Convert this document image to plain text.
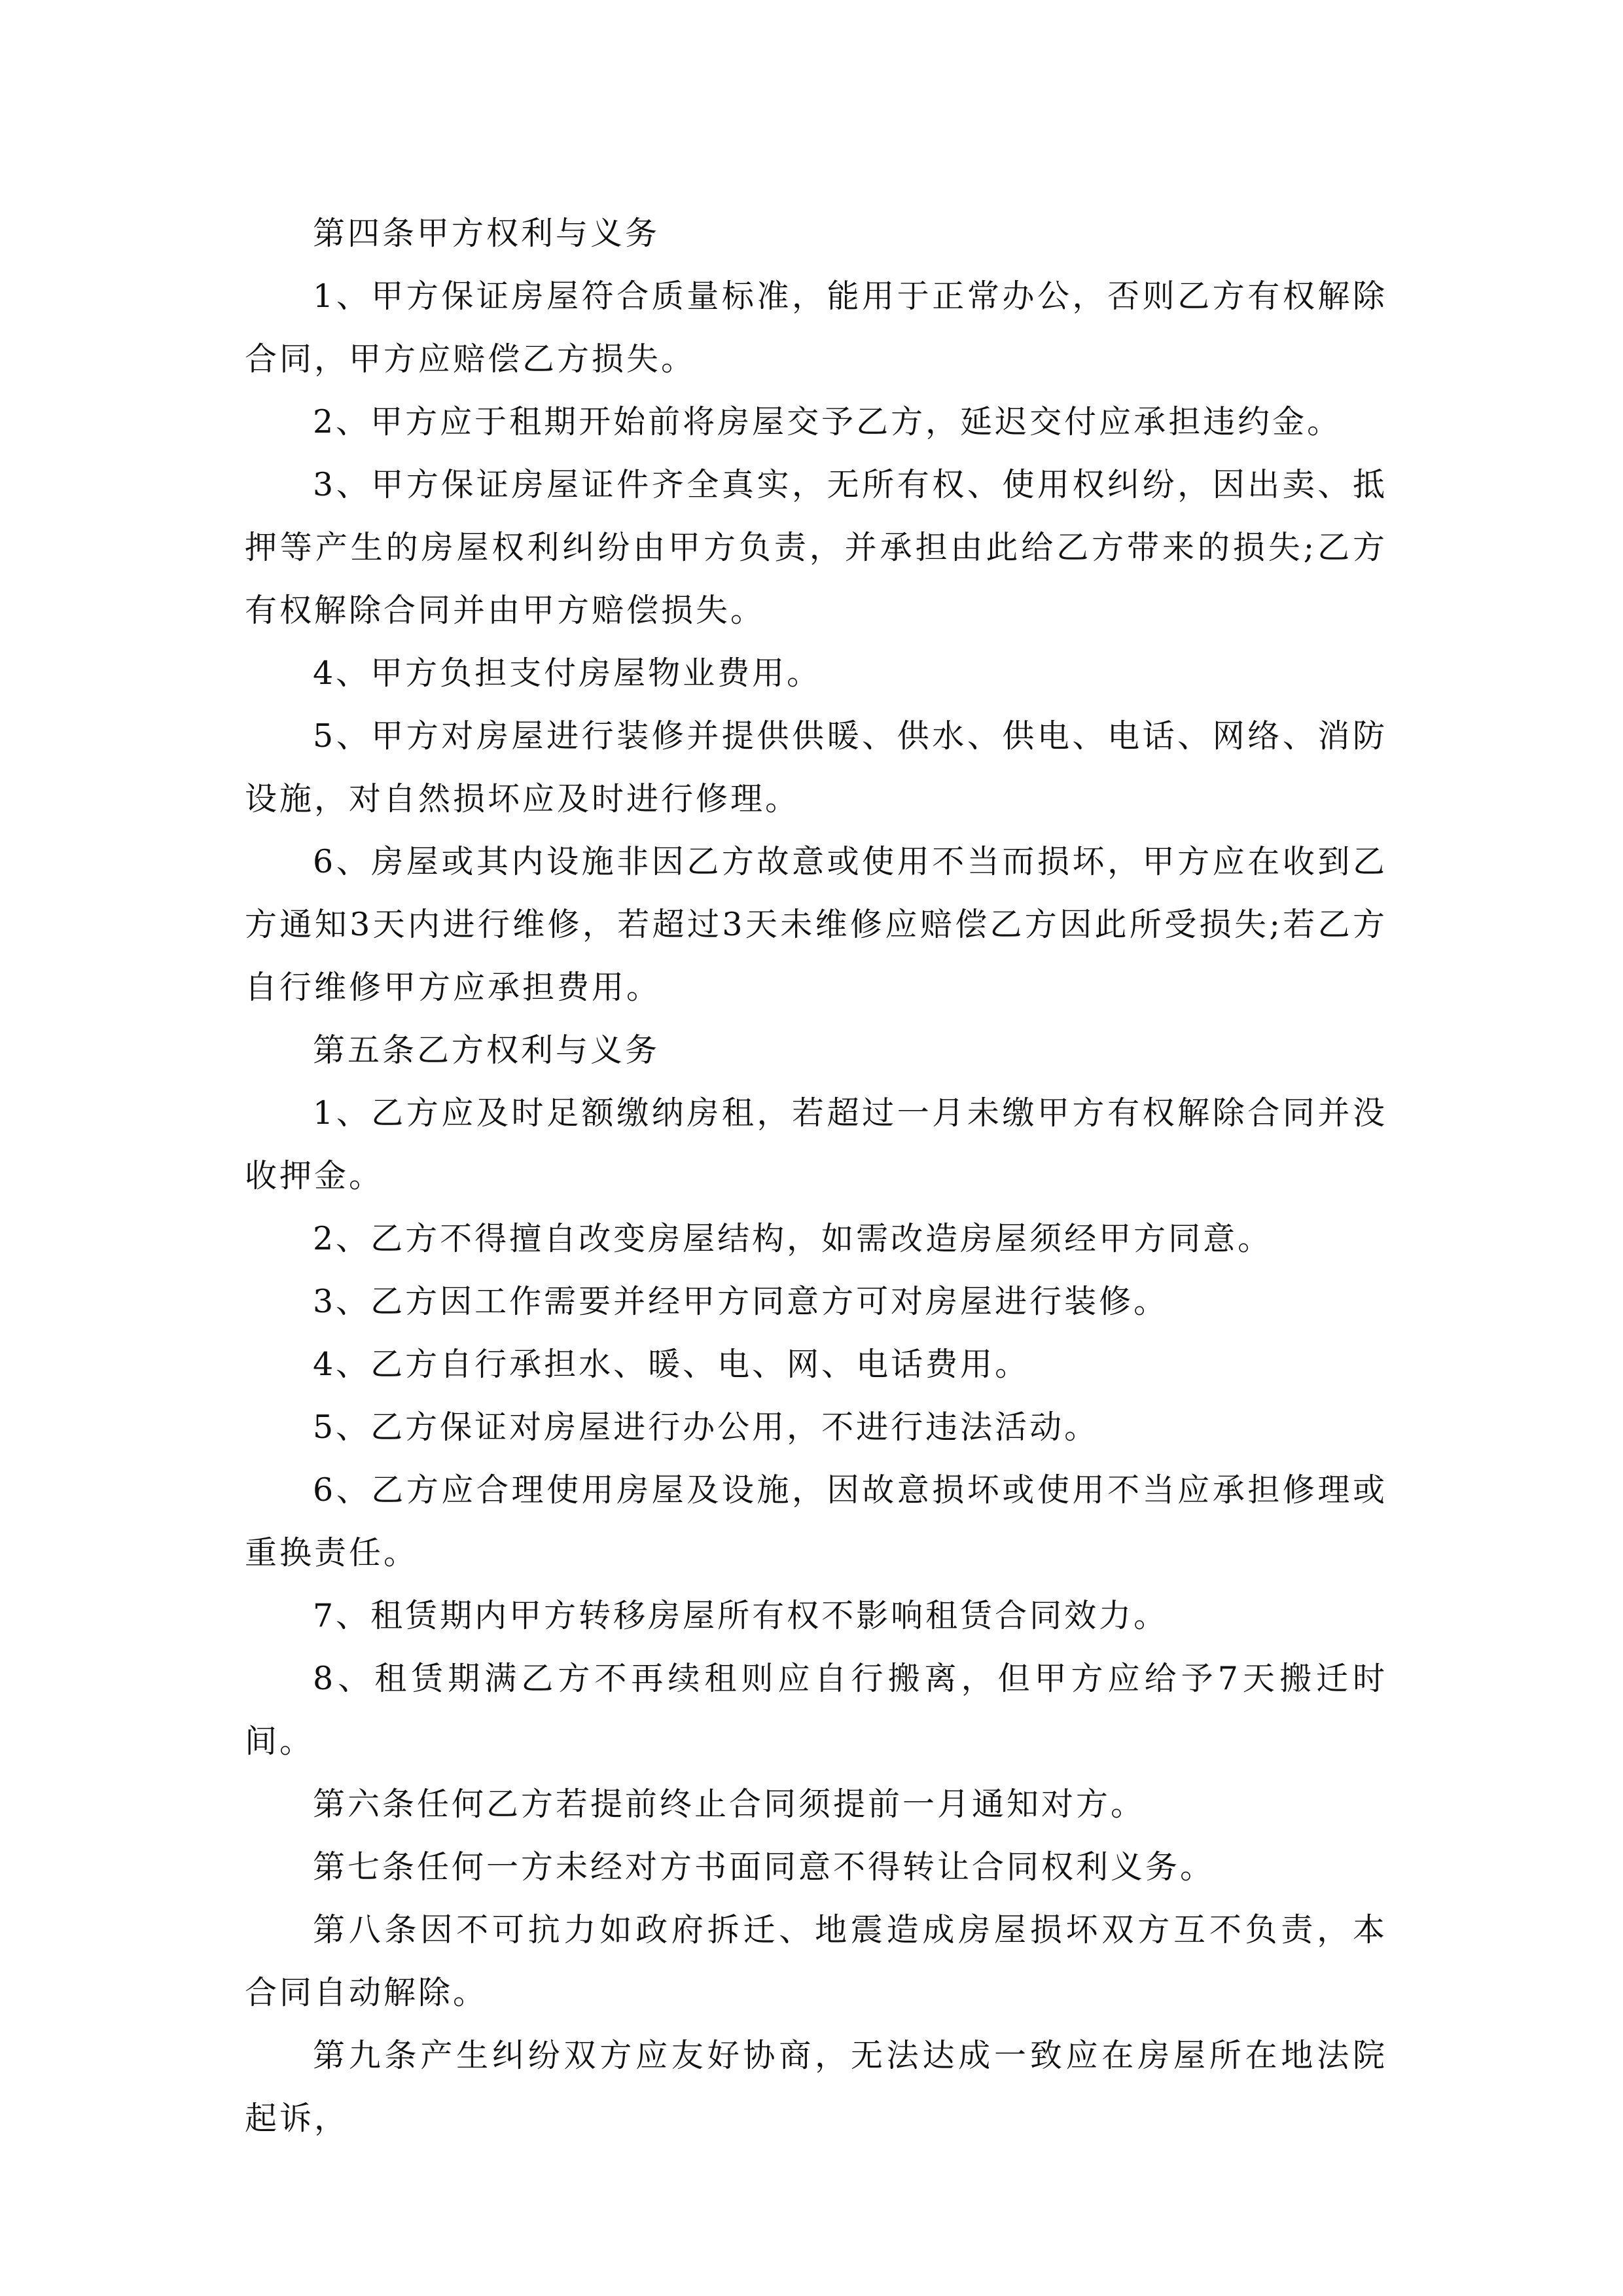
第四条甲方权利与义务

1、甲方保证房屋符合质量标准，能用于正常办公，否则乙方有权解除合同，甲方应赔偿乙方损失。

2、甲方应于租期开始前将房屋交予乙方，延迟交付应承担违约金。

3、甲方保证房屋证件齐全真实，无所有权、使用权纠纷，因出卖、抵押等产生的房屋权利纠纷由甲方负责，并承担由此给乙方带来的损失;乙方有权解除合同并由甲方赔偿损失。

4、甲方负担支付房屋物业费用。

5、甲方对房屋进行装修并提供供暖、供水、供电、电话、网络、消防设施，对自然损坏应及时进行修理。

6、房屋或其内设施非因乙方故意或使用不当而损坏，甲方应在收到乙方通知3天内进行维修，若超过3天未维修应赔偿乙方因此所受损失;若乙方自行维修甲方应承担费用。

第五条乙方权利与义务

1、乙方应及时足额缴纳房租，若超过一月未缴甲方有权解除合同并没收押金。

2、乙方不得擅自改变房屋结构，如需改造房屋须经甲方同意。

3、乙方因工作需要并经甲方同意方可对房屋进行装修。

4、乙方自行承担水、暖、电、网、电话费用。

5、乙方保证对房屋进行办公用，不进行违法活动。

6、乙方应合理使用房屋及设施，因故意损坏或使用不当应承担修理或重换责任。

7、租赁期内甲方转移房屋所有权不影响租赁合同效力。

8、租赁期满乙方不再续租则应自行搬离，但甲方应给予7天搬迁时间。

第六条任何乙方若提前终止合同须提前一月通知对方。

第七条任何一方未经对方书面同意不得转让合同权利义务。

第八条因不可抗力如政府拆迁、地震造成房屋损坏双方互不负责，本合同自动解除。

第九条产生纠纷双方应友好协商，无法达成一致应在房屋所在地法院起诉，
